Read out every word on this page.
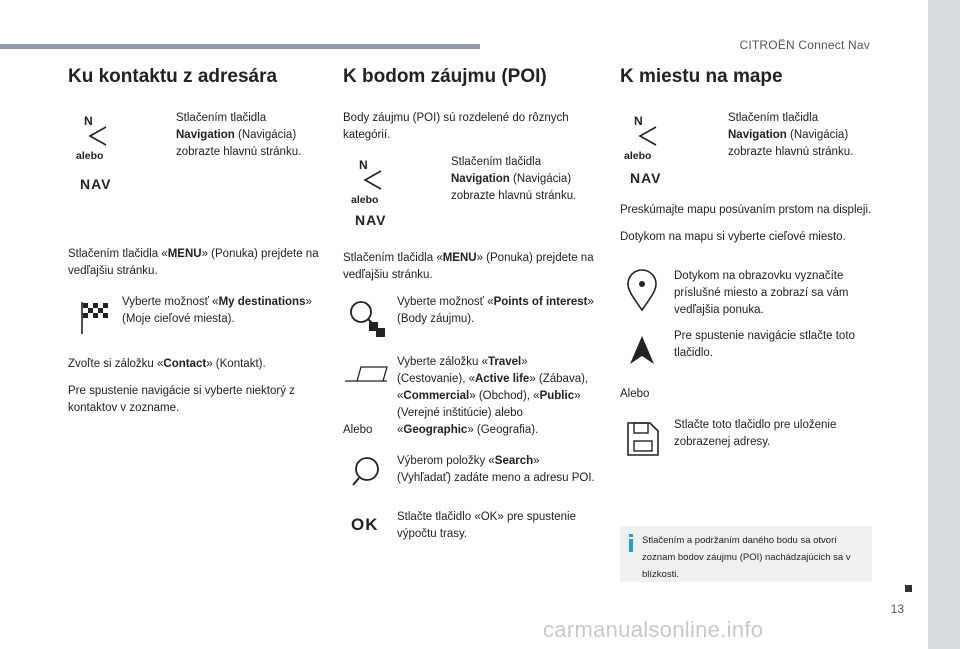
CITROËN Connect Nav
13
carmanualsonline.info
Ku kontaktu z adresára
N
alebo
NAV
Stlačením tlačidla Navigation (Navigácia) zobrazte hlavnú stránku.

Stlačením tlačidla «MENU» (Ponuka) prejdete na vedľajšiu stránku.

Vyberte možnosť «My destinations» (Moje cieľové miesta).

Zvoľte si záložku «Contact» (Kontakt).

Pre spustenie navigácie si vyberte niektorý z kontaktov v zozname.

K bodom záujmu (POI)

Body záujmu (POI) sú rozdelené do rôznych kategórií.

N
alebo
NAV
Stlačením tlačidla Navigation (Navigácia) zobrazte hlavnú stránku.

Stlačením tlačidla «MENU» (Ponuka) prejdete na vedľajšiu stránku.

Vyberte možnosť «Points of interest» (Body záujmu).
Alebo
Vyberte záložku «Travel» (Cestovanie), «Active life» (Zábava), «Commercial» (Obchod), «Public» (Verejné inštitúcie) alebo «Geographic» (Geografia).
Výberom položky «Search» (Vyhľadať) zadáte meno a adresu POI.
OK Stlačte tlačidlo «OK» pre spustenie výpočtu trasy.
K miestu na mape
N
alebo
NAV
Stlačením tlačidla Navigation (Navigácia) zobrazte hlavnú stránku.

Preskúmajte mapu posúvaním prstom na displeji.

Dotykom na mapu si vyberte cieľové miesto.

Dotykom na obrazovku vyznačíte príslušné miesto a zobrazí sa vám vedľajšia ponuka.
Pre spustenie navigácie stlačte toto tlačidlo.

Alebo

Stlačte toto tlačidlo pre uloženie zobrazenej adresy.
Stlačením a podržaním daného bodu sa otvorí zoznam bodov záujmu (POI) nachádzajúcich sa v blízkosti.
